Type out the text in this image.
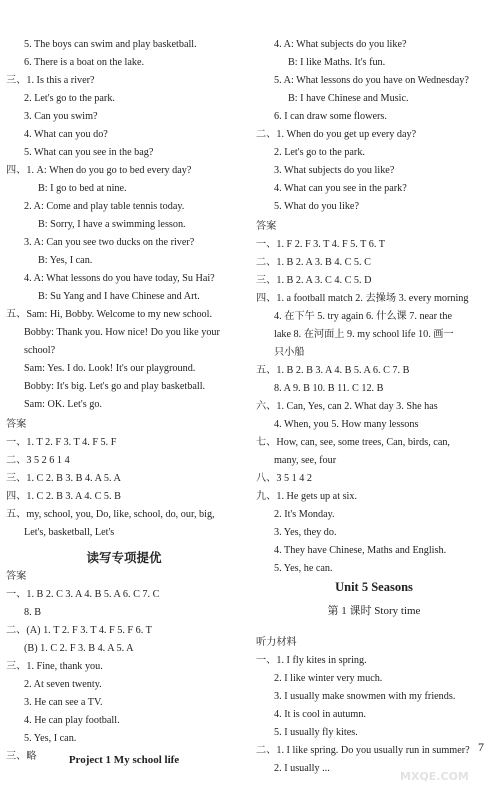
读写专项提优
Project 1 My school life
Unit 5 Seasons
第 1 课时 Story time
7
MXQE.COM
5. The boys can swim and play basketball.
6. There is a boat on the lake.
三、1. Is this a river?
2. Let's go to the park.
3. Can you swim?
4. What can you do?
5. What can you see in the bag?
四、1. A: When do you go to bed every day?
B: I go to bed at nine.
2. A: Come and play table tennis today.
B: Sorry, I have a swimming lesson.
3. A: Can you see two ducks on the river?
B: Yes, I can.
4. A: What lessons do you have today, Su Hai?
B: Su Yang and I have Chinese and Art.
五、Sam: Hi, Bobby. Welcome to my new school.
Bobby: Thank you. How nice! Do you like your
school?
Sam: Yes. I do. Look! It's our playground.
Bobby: It's big. Let's go and play basketball.
Sam: OK. Let's go.
答案
一、1. T 2. F 3. T 4. F 5. F
二、3 5 2 6 1 4
三、1. C 2. B 3. B 4. A 5. A
四、1. C 2. B 3. A 4. C 5. B
五、my, school, you, Do, like, school, do, our, big,
Let's, basketball, Let's
答案
一、1. B 2. C 3. A 4. B 5. A 6. C 7. C
8. B
二、(A) 1. T 2. F 3. T 4. F 5. F 6. T
(B) 1. C 2. F 3. B 4. A 5. A
三、1. Fine, thank you.
2. At seven twenty.
3. He can see a TV.
4. He can play football.
5. Yes, I can.
三、略
4. A: What subjects do you like?
B: I like Maths. It's fun.
5. A: What lessons do you have on Wednesday?
B: I have Chinese and Music.
6. I can draw some flowers.
二、1. When do you get up every day?
2. Let's go to the park.
3. What subjects do you like?
4. What can you see in the park?
5. What do you like?
答案
一、1. F 2. F 3. T 4. F 5. T 6. T
二、1. B 2. A 3. B 4. C 5. C
三、1. B 2. A 3. C 4. C 5. D
四、1. a football match 2. 去操场 3. every morning
4. 在下午 5. try again 6. 什么课 7. near the
lake 8. 在河面上 9. my school life 10. 画一
只小船
五、1. B 2. B 3. A 4. B 5. A 6. C 7. B
8. A 9. B 10. B 11. C 12. B
六、1. Can, Yes, can 2. What day 3. She has
4. When, you 5. How many lessons
七、How, can, see, some trees, Can, birds, can,
many, see, four
八、3 5 1 4 2
九、1. He gets up at six.
2. It's Monday.
3. Yes, they do.
4. They have Chinese, Maths and English.
5. Yes, he can.
听力材料
一、1. I fly kites in spring.
2. I like winter very much.
3. I usually make snowmen with my friends.
4. It is cool in autumn.
5. I usually fly kites.
二、1. I like spring. Do you usually run in summer?
2. I usually ...
